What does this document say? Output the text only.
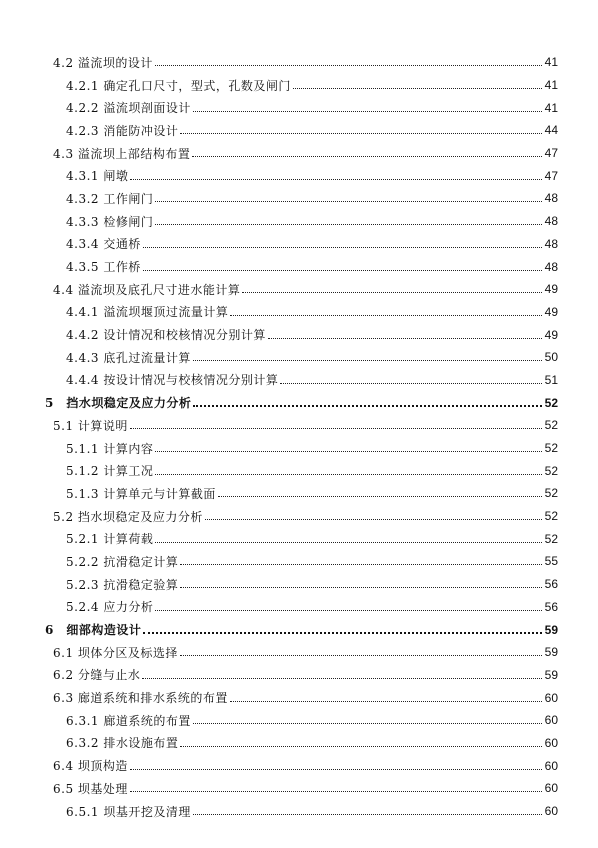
4.2 溢流坝的设计	41
4.2.1 确定孔口尺寸，型式，孔数及闸门	41
4.2.2 溢流坝剖面设计	41
4.2.3 消能防冲设计	44
4.3 溢流坝上部结构布置	47
4.3.1 闸墩	47
4.3.2 工作闸门	48
4.3.3 检修闸门	48
4.3.4 交通桥	48
4.3.5 工作桥	48
4.4 溢流坝及底孔尺寸进水能计算	49
4.4.1 溢流坝堰顶过流量计算	49
4.4.2 设计情况和校核情况分别计算	49
4.4.3 底孔过流量计算	50
4.4.4 按设计情况与校核情况分别计算	51
5　挡水坝稳定及应力分析	52
5.1 计算说明	52
5.1.1 计算内容	52
5.1.2 计算工况	52
5.1.3 计算单元与计算截面	52
5.2 挡水坝稳定及应力分析	52
5.2.1 计算荷载	52
5.2.2 抗滑稳定计算	55
5.2.3 抗滑稳定验算	56
5.2.4 应力分析	56
6　细部构造设计	59
6.1 坝体分区及标选择	59
6.2 分缝与止水	59
6.3 廊道系统和排水系统的布置	60
6.3.1 廊道系统的布置	60
6.3.2 排水设施布置	60
6.4 坝顶构造	60
6.5 坝基处理	60
6.5.1 坝基开挖及清理	60
